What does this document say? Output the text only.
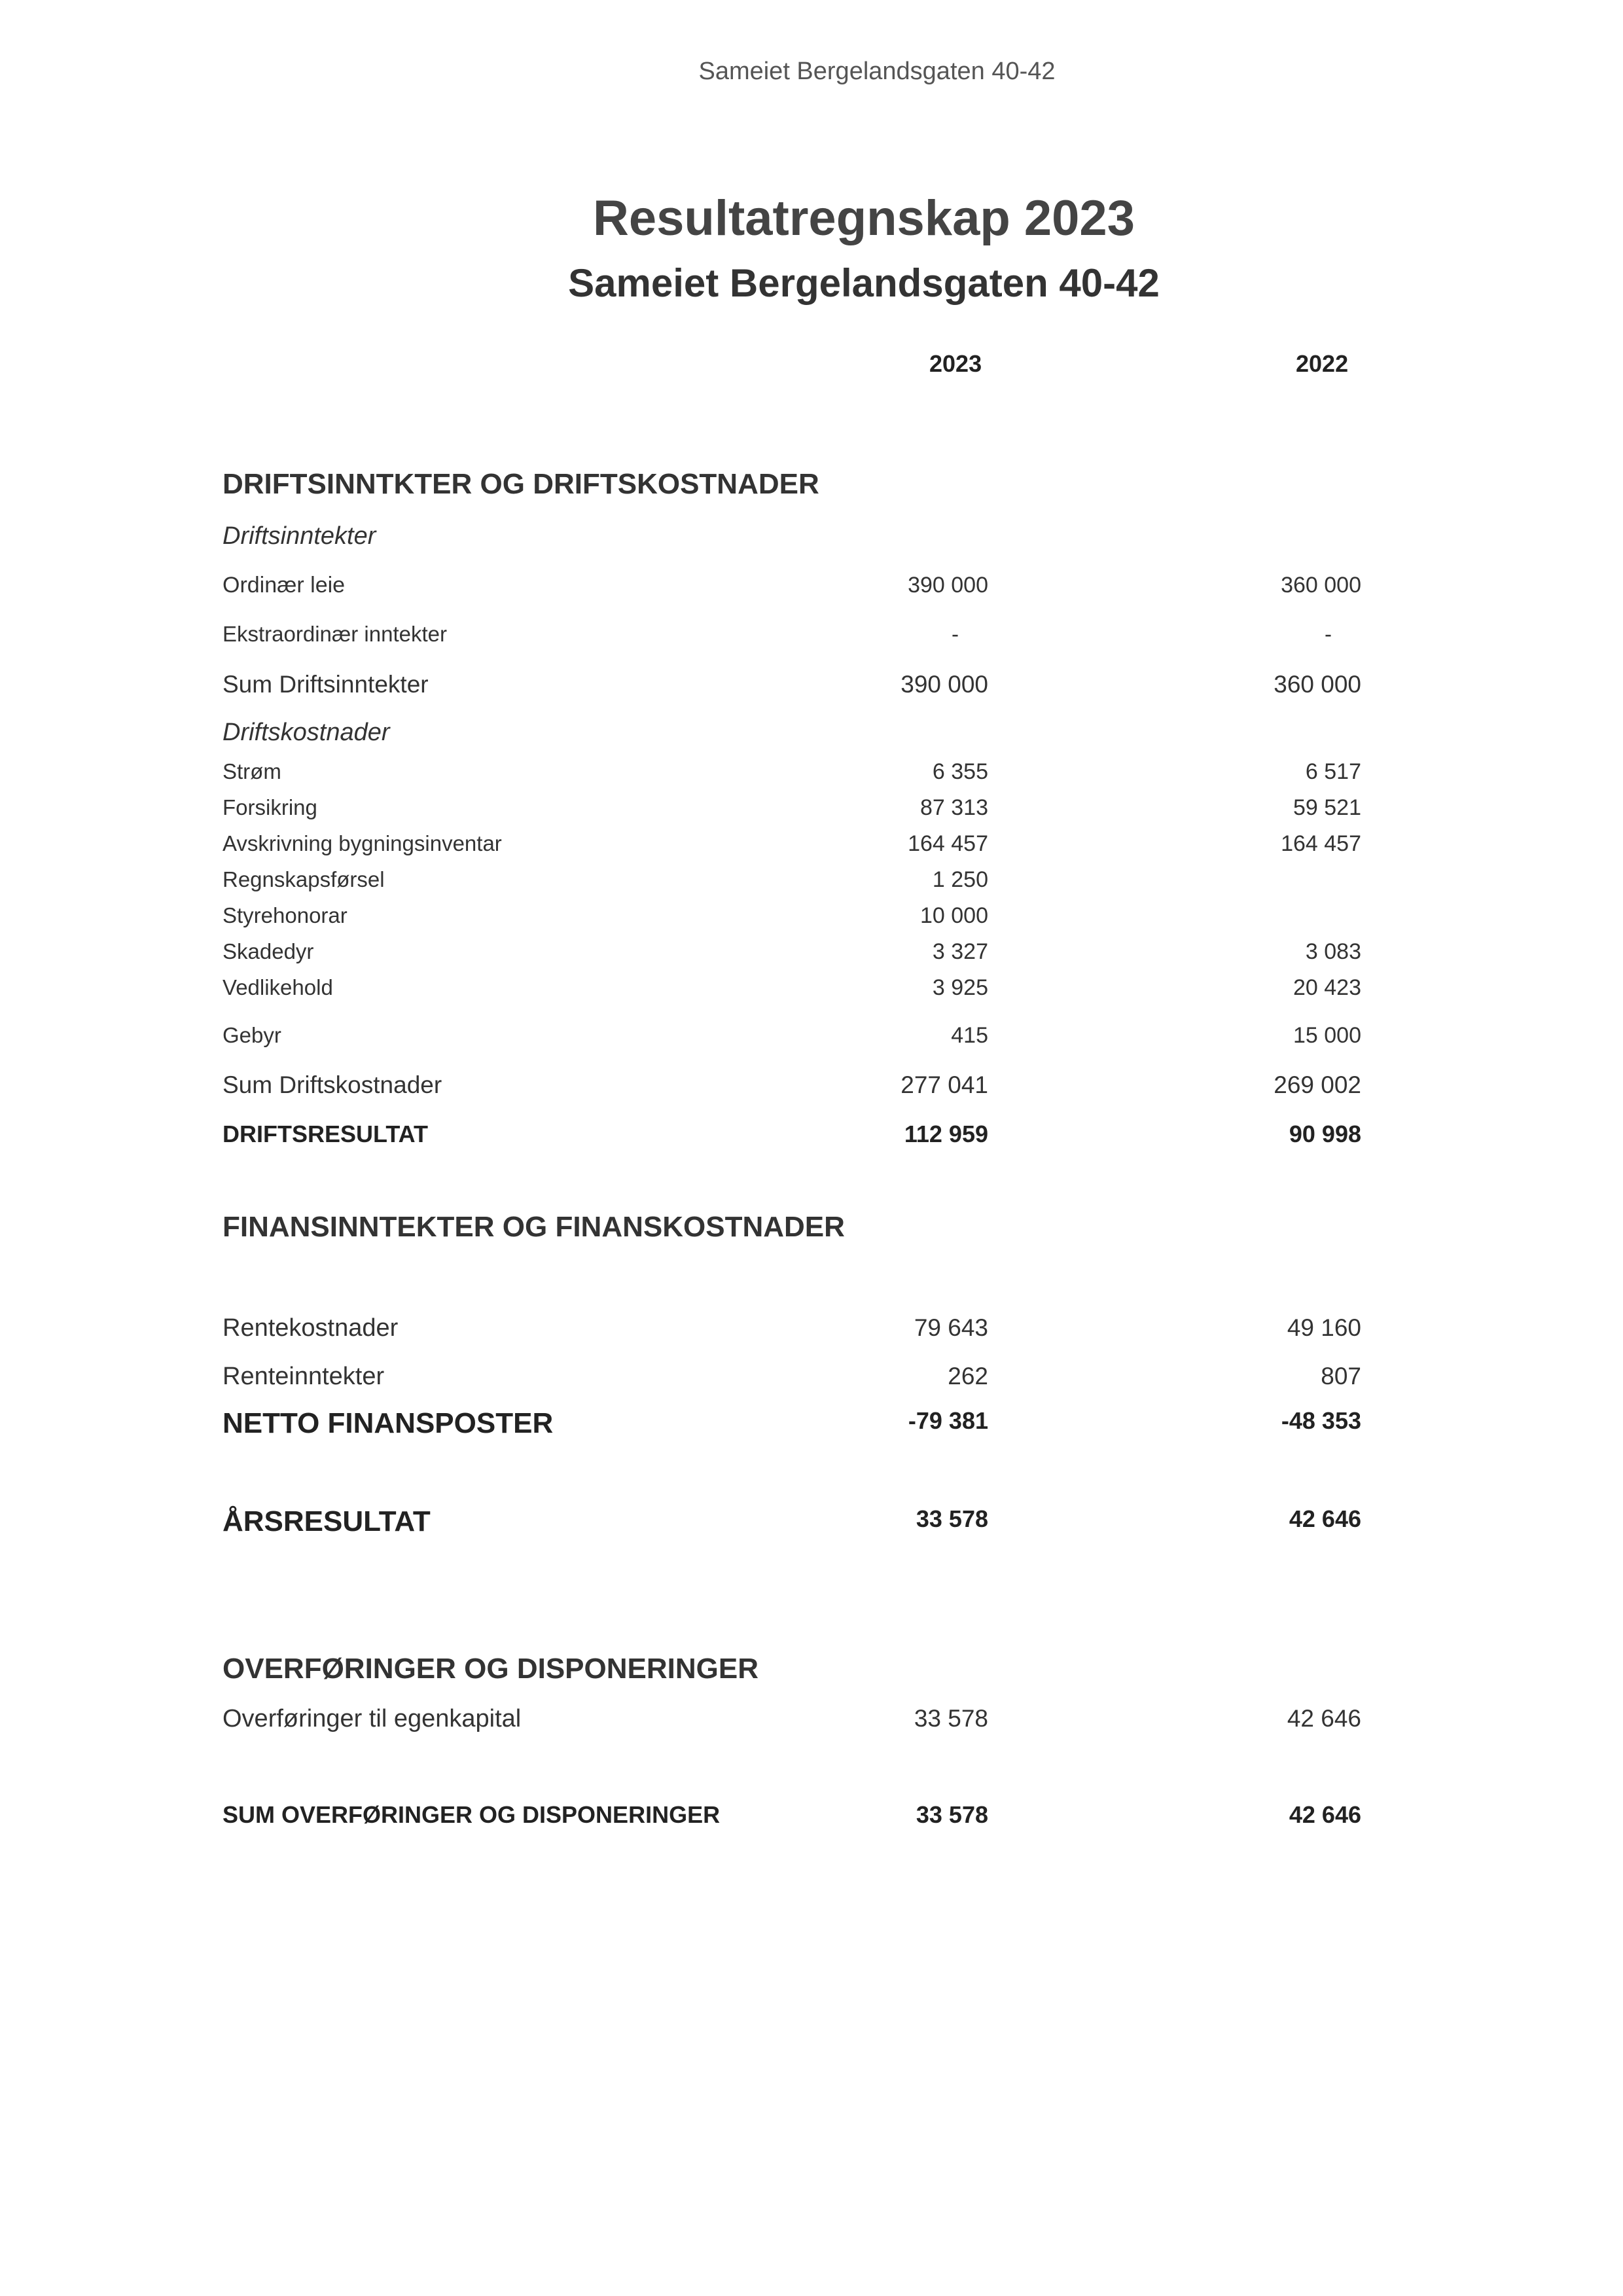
Sameiet Bergelandsgaten 40-42
Resultatregnskap 2023
Sameiet Bergelandsgaten 40-42
2023	2022
DRIFTSINNTKTER OG DRIFTSKOSTNADER
Driftsinntekter
Ordinær leie	390 000	360 000
Ekstraordinær inntekter	-	-
Sum Driftsinntekter	390 000	360 000
Driftskostnader
Strøm	6 355	6 517
Forsikring	87 313	59 521
Avskrivning bygningsinventar	164 457	164 457
Regnskapsførsel	1 250
Styrehonorar	10 000
Skadedyr	3 327	3 083
Vedlikehold	3 925	20 423
Gebyr	415	15 000
Sum Driftskostnader	277 041	269 002
DRIFTSRESULTAT	112 959	90 998
FINANSINNTEKTER OG FINANSKOSTNADER
Rentekostnader	79 643	49 160
Renteinntekter	262	807
NETTO FINANSPOSTER	-79 381	-48 353
ÅRSRESULTAT	33 578	42 646
OVERFØRINGER OG DISPONERINGER
Overføringer til egenkapital	33 578	42 646
SUM OVERFØRINGER OG DISPONERINGER	33 578	42 646
